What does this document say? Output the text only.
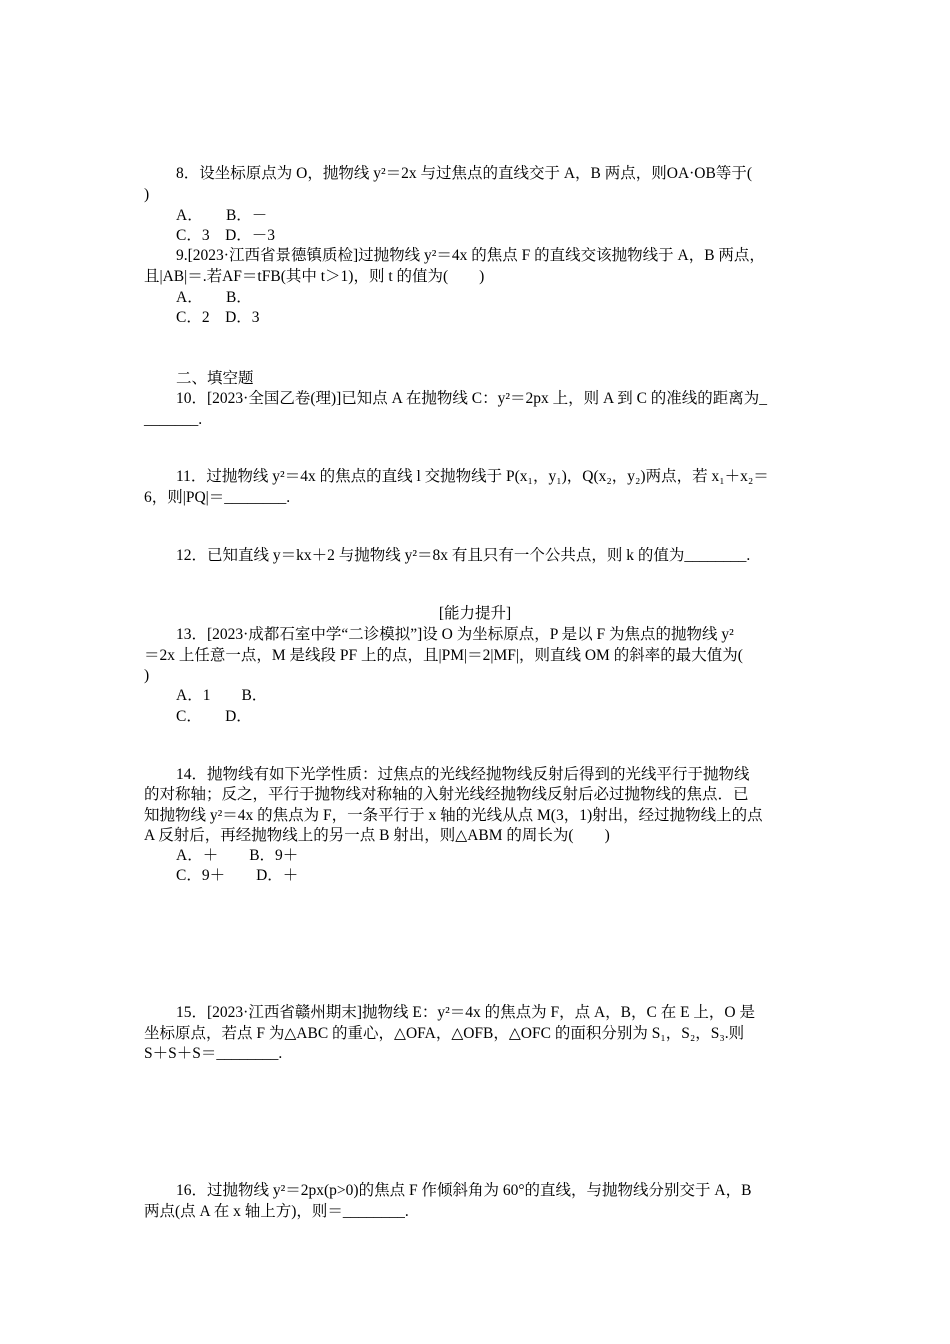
8．设坐标原点为 O，抛物线 y²＝2x 与过焦点的直线交于 A，B 两点，则OA·OB等于(
)
A．　　B．－
C．3　D．－3
9.[2023·江西省景德镇质检]过抛物线 y²＝4x 的焦点 F 的直线交该抛物线于 A，B 两点，
且|AB|＝.若AF＝tFB(其中 t＞1)，则 t 的值为(　　)
A．　　B．
C．2　D．3
二、填空题
10．[2023·全国乙卷(理)]已知点 A 在抛物线 C：y²＝2px 上，则 A 到 C 的准线的距离为_
_______.
11．过抛物线 y²＝4x 的焦点的直线 l 交抛物线于 P(x₁，y₁)，Q(x₂，y₂)两点，若 x₁＋x₂＝
6，则|PQ|＝________.
12．已知直线 y＝kx＋2 与抛物线 y²＝8x 有且只有一个公共点，则 k 的值为________.
[能力提升]
13．[2023·成都石室中学“二诊模拟”]设 O 为坐标原点，P 是以 F 为焦点的抛物线 y²
＝2x 上任意一点，M 是线段 PF 上的点，且|PM|＝2|MF|，则直线 OM 的斜率的最大值为(
)
A．1　　B．
C．　　D．
14．抛物线有如下光学性质：过焦点的光线经抛物线反射后得到的光线平行于抛物线
的对称轴；反之，平行于抛物线对称轴的入射光线经抛物线反射后必过抛物线的焦点．已
知抛物线 y²＝4x 的焦点为 F，一条平行于 x 轴的光线从点 M(3，1)射出，经过抛物线上的点
A 反射后，再经抛物线上的另一点 B 射出，则△ABM 的周长为(　　)
A．＋　　B．9＋
C．9＋　　D．＋
15．[2023·江西省赣州期末]抛物线 E：y²＝4x 的焦点为 F，点 A，B，C 在 E 上，O 是
坐标原点，若点 F 为△ABC 的重心，△OFA，△OFB，△OFC 的面积分别为 S₁，S₂，S₃.则
S＋S＋S＝________.
16．过抛物线 y²＝2px(p>0)的焦点 F 作倾斜角为 60°的直线，与抛物线分别交于 A，B
两点(点 A 在 x 轴上方)，则＝________.
